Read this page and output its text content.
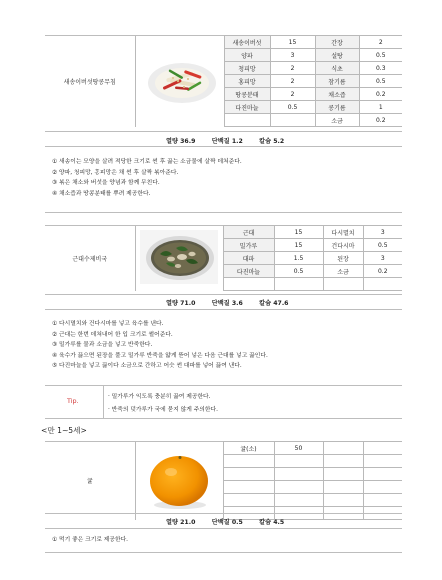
새송이버섯땅콩무침		새송이버섯	15	간장	2
		양파	3	설탕	0.5
		청피망	2	식초	0.3
		홍피망	2	참기름	0.5
		땅콩분태	2	채소즙	0.2
		다진마늘	0.5	콩기름	1
				소금	0.2
열량 36.9	단백질 1.2	칼슘 5.2
① 새송이는 모양을 살려 적당한 크기로 썬 후 끓는 소금물에 살짝 데쳐준다.
② 양파, 청피망, 홍피망은 채 썬 후 살짝 볶아준다.
③ 볶은 채소와 버섯을 양념과 함께 무친다.
④ 채소즙과 땅콩분태를 뿌려 제공한다.
근대수제비국		근대	15	다시멸치	3
		밀가루	15	건다시마	0.5
		대파	1.5	된장	3
		다진마늘	0.5	소금	0.2

열량 71.0	단백질 3.6	칼슘 47.6
① 다시멸치와 건다시마를 넣고 육수를 낸다.
② 근대는 한번 데쳐내어 한 입 크기로 썰어준다.
③ 밀가루를 물과 소금을 넣고 반죽한다.
④ 육수가 끓으면 된장을 풀고 밀가루 반죽을 얇게 뜯어 넣은 다음 근대를 넣고 끓인다.
⑤ 다진마늘을 넣고 끓이다 소금으로 간하고 어슷 썬 대파를 넣어 끓여 낸다.
Tip.	· 밀가루가 익도록 충분히 끓여 제공한다.
· 반죽의 덧가루가 국에 묻지 않게 주의한다.
<만 1~5세>
귤		귤(소)	50		

열량 21.0	단백질 0.5	칼슘 4.5
① 먹기 좋은 크기로 제공한다.
